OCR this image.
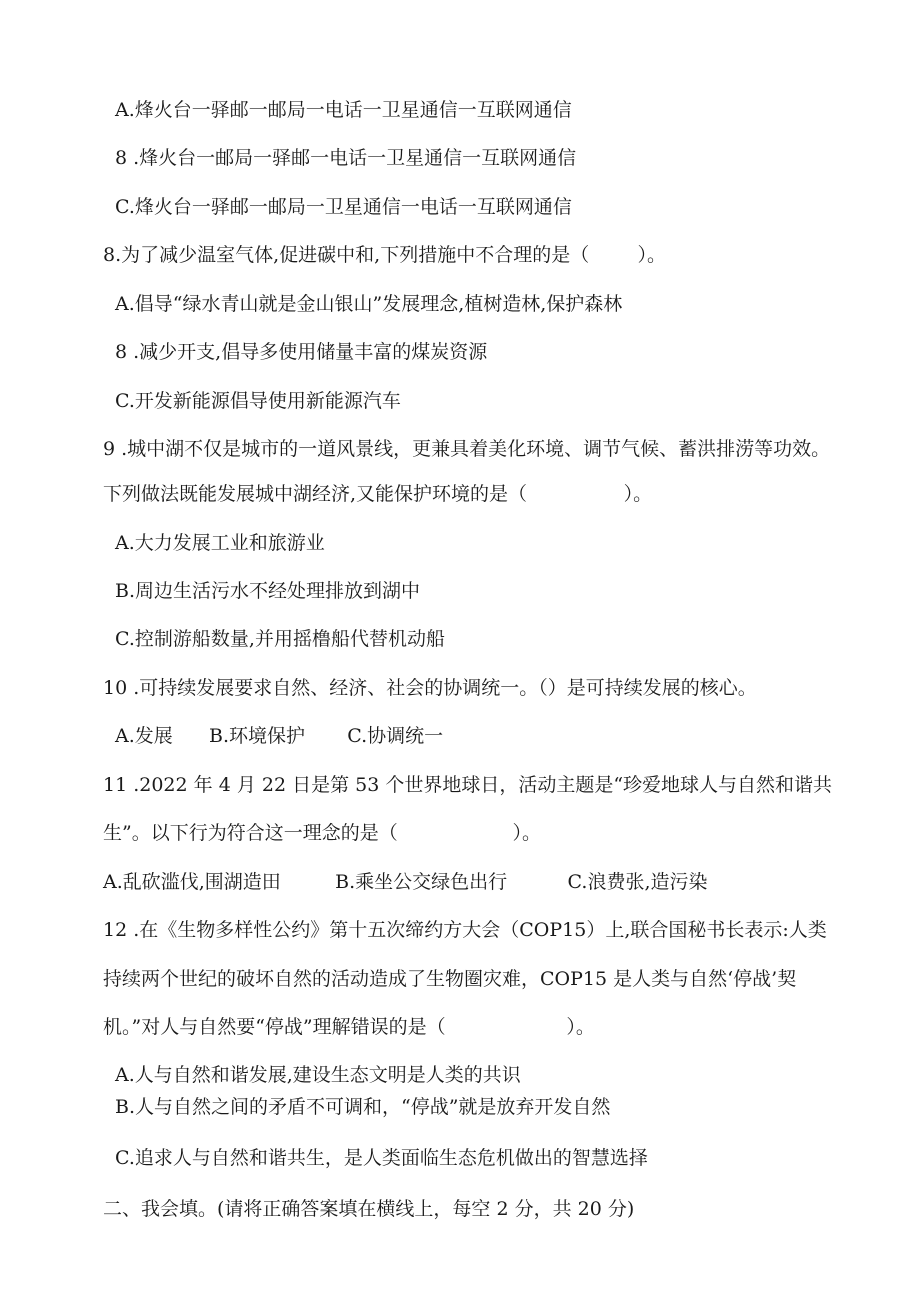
A.烽火台一驿邮一邮局一电话一卫星通信一互联网通信
8 .烽火台一邮局一驿邮一电话一卫星通信一互联网通信
C.烽火台一驿邮一邮局一卫星通信一电话一互联网通信
8.为了减少温室气体,促进碳中和,下列措施中不合理的是（        ）。
A.倡导“绿水青山就是金山银山”发展理念,植树造林,保护森林
8 .减少开支,倡导多使用储量丰富的煤炭资源
C.开发新能源倡导使用新能源汽车
9 .城中湖不仅是城市的一道风景线，更兼具着美化环境、调节气候、蓄洪排涝等功效。
下列做法既能发展城中湖经济,又能保护环境的是（                ）。
A.大力发展工业和旅游业
B.周边生活污水不经处理排放到湖中
C.控制游船数量,并用摇橹船代替机动船
10 .可持续发展要求自然、经济、社会的协调统一。（）是可持续发展的核心。
A.发展      B.环境保护       C.协调统一
11 .2022 年 4 月 22 日是第 53 个世界地球日，活动主题是“珍爱地球人与自然和谐共
生”。以下行为符合这一理念的是（                   ）。
A.乱砍滥伐,围湖造田         B.乘坐公交绿色出行          C.浪费张,造污染
12 .在《生物多样性公约》第十五次缔约方大会（COP15）上,联合国秘书长表示:人类
持续两个世纪的破坏自然的活动造成了生物圈灾难，COP15 是人类与自然‘停战’契
机。”对人与自然要“停战”理解错误的是（                    ）。
A.人与自然和谐发展,建设生态文明是人类的共识
B.人与自然之间的矛盾不可调和，“停战”就是放弃开发自然
C.追求人与自然和谐共生，是人类面临生态危机做出的智慧选择
二、我会填。(请将正确答案填在横线上，每空 2 分，共 20 分)
